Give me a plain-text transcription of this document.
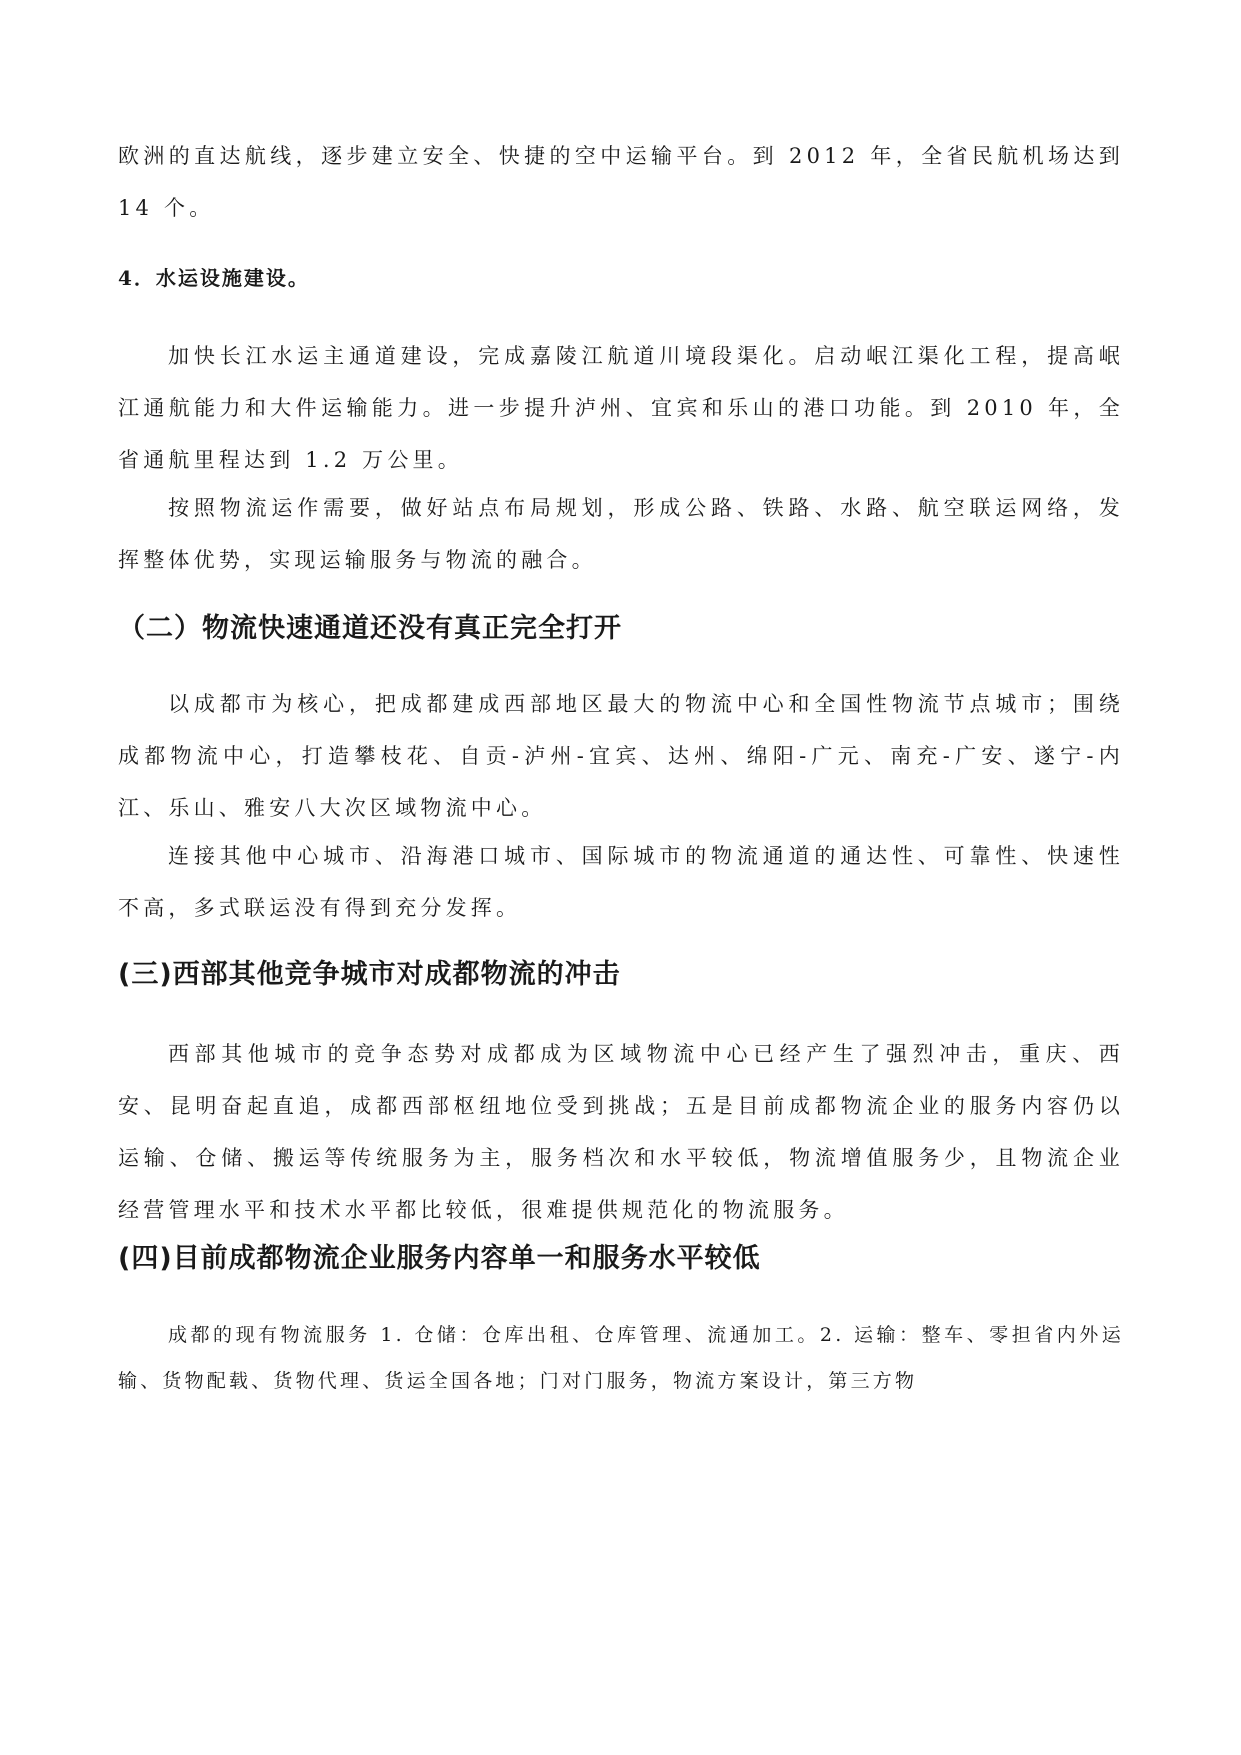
欧洲的直达航线，逐步建立安全、快捷的空中运输平台。到 2012 年，全省民航机场达到 14 个。

4．水运设施建设。

加快长江水运主通道建设，完成嘉陵江航道川境段渠化。启动岷江渠化工程，提高岷江通航能力和大件运输能力。进一步提升泸州、宜宾和乐山的港口功能。到 2010 年，全省通航里程达到 1.2 万公里。

按照物流运作需要，做好站点布局规划，形成公路、铁路、水路、航空联运网络，发挥整体优势，实现运输服务与物流的融合。

（二）物流快速通道还没有真正完全打开

以成都市为核心，把成都建成西部地区最大的物流中心和全国性物流节点城市；围绕成都物流中心，打造攀枝花、自贡-泸州-宜宾、达州、绵阳-广元、南充-广安、遂宁-内江、乐山、雅安八大次区域物流中心。

连接其他中心城市、沿海港口城市、国际城市的物流通道的通达性、可靠性、快速性不高，多式联运没有得到充分发挥。

(三)西部其他竞争城市对成都物流的冲击

西部其他城市的竞争态势对成都成为区域物流中心已经产生了强烈冲击，重庆、西安、昆明奋起直追，成都西部枢纽地位受到挑战；五是目前成都物流企业的服务内容仍以运输、仓储、搬运等传统服务为主，服务档次和水平较低，物流增值服务少，且物流企业经营管理水平和技术水平都比较低，很难提供规范化的物流服务。

(四)目前成都物流企业服务内容单一和服务水平较低

成都的现有物流服务 1. 仓储：仓库出租、仓库管理、流通加工。2. 运输：整车、零担省内外运输、货物配载、货物代理、货运全国各地；门对门服务，物流方案设计，第三方物
